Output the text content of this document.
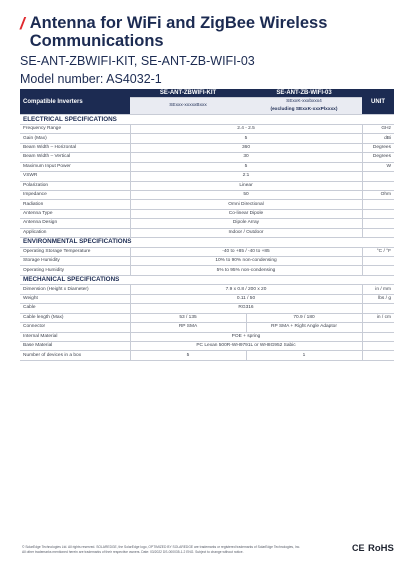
/ Antenna for WiFi and ZigBee Wireless Communications
SE-ANT-ZBWIFI-KIT, SE-ANT-ZB-WIFI-03
Model number: AS4032-1
Compatible Inverters	SE-ANT-ZBWIFI-KIT	SE-ANT-ZB-WIFI-03	UNIT
	SExxx-xxxxxBxxx	SExxK-xxxbxxx4
(excluding SExxK-xxxPlxxxx)	
ELECTRICAL SPECIFICATIONS			
Frequency Range	2.4 - 2.5		GHz
Gain (Max)	5		dBi
Beam Width – Horizontal	360		Degrees
Beam Width – Vertical	30		Degrees
Maximum Input Power	5		W
VSWR	2:1		
Polarization	Linear		
Impedance	50		Ohm
Radiation	Omni Directional		
Antenna Type	Co-linear Dipole		
Antenna Design	Dipole Array		
Application	Indoor / Outdoor		
ENVIRONMENTAL SPECIFICATIONS			
Operating Storage Temperature	-40 to +85 / -40 to +85		°C / °F
Storage Humidity	10% to 90% non-condensing		
Operating Humidity	5% to 95% non-condensing		
MECHANICAL SPECIFICATIONS			
Dimension (Height x Diameter)	7.9 x 0.8 / 200 x 20		in / mm
Weight	0.11 / 50		lbs / g
Cable	RG316		
Cable length (Max)	53 / 135	70.9 / 180	in / cm
Connector	RP SMA	RP SMA + Right Angle Adaptor	
Internal Material	POE + spring		
Base Material	PC Lexan 500R-WH9791L or WH8G952 Sabic		
Number of devices in a box	5	1	
© SolarEdge Technologies Ltd. All rights reserved. SOLAREDGE, the SolarEdge logo, OPTIMIZED BY SOLAREDGE are trademarks or registered trademarks of SolarEdge Technologies, Inc.
All other trademarks mentioned herein are trademarks of their respective owners. Date: 03/2022 DS-000035-1.2 ENG. Subject to change without notice.	CE RoHS
